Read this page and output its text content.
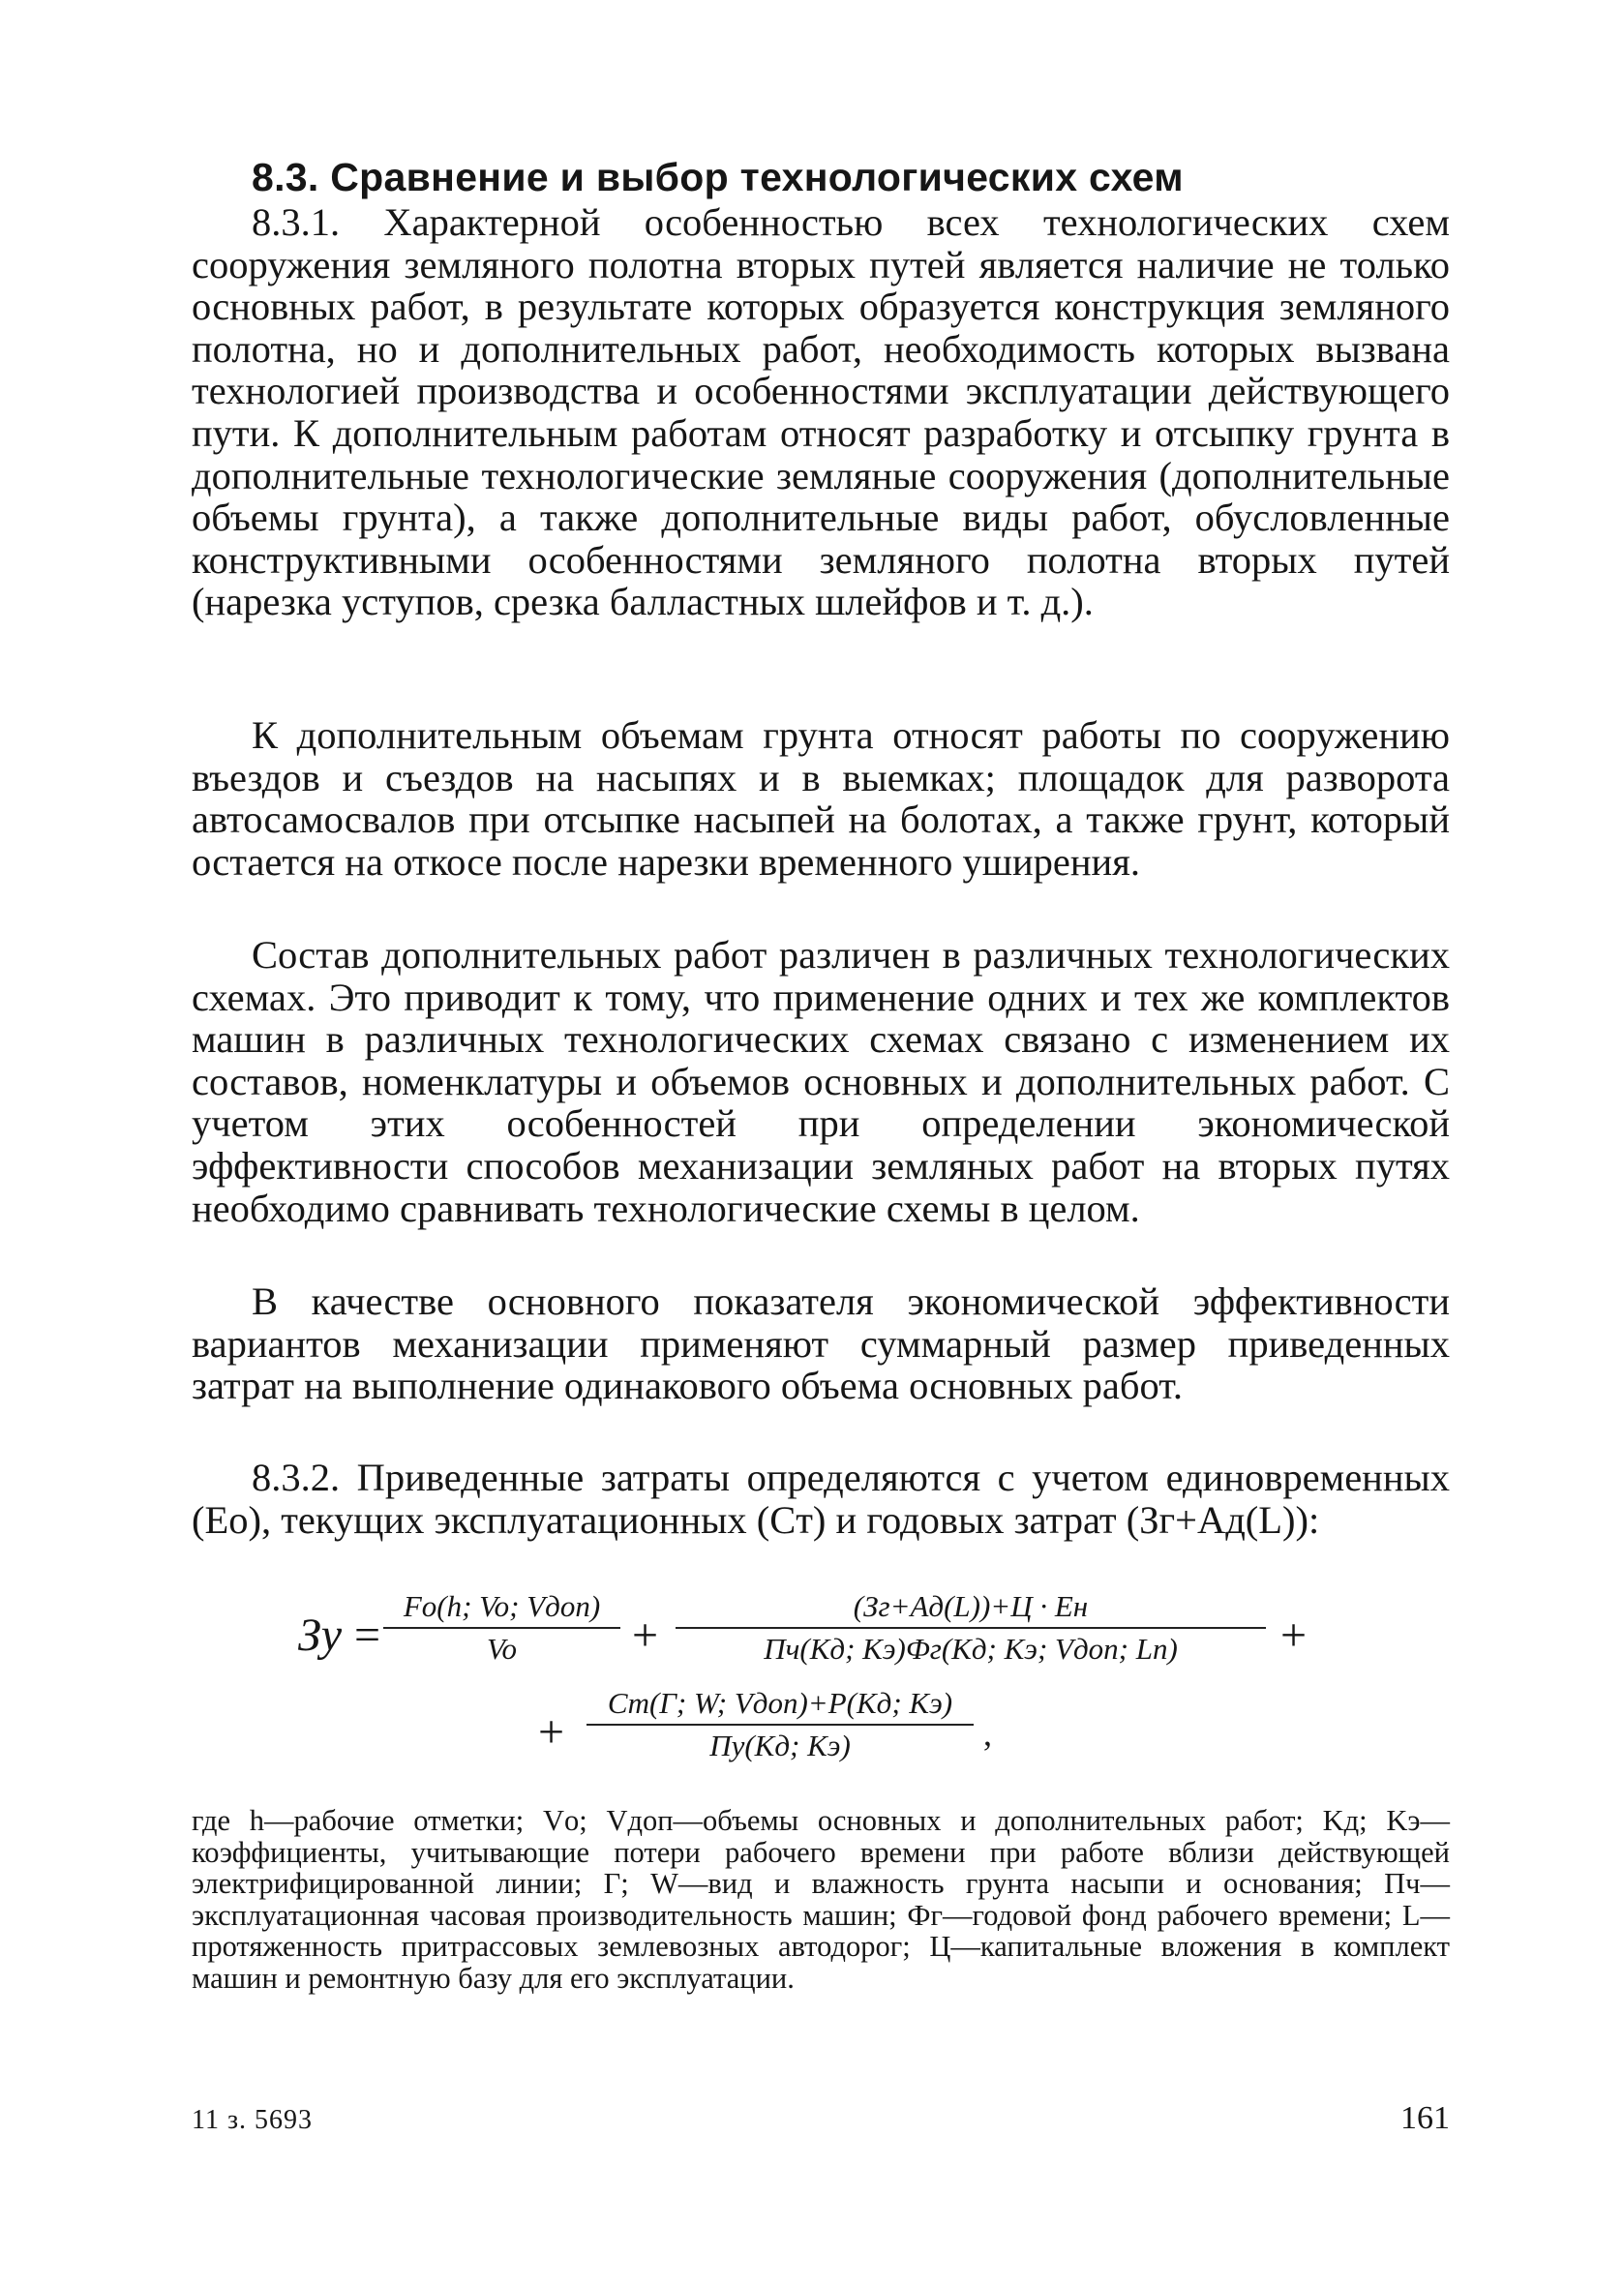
8.3. Сравнение и выбор технологических схем

8.3.1. Характерной особенностью всех технологических схем сооружения земляного полотна вторых путей является наличие не только основных работ, в результате которых образуется конструкция земляного полотна, но и дополнительных работ, необходимость которых вызвана технологией производства и особенностями эксплуатации действующего пути. К дополнительным работам относят разработку и отсыпку грунта в дополнительные технологические земляные сооружения (дополнительные объемы грунта), а также дополнительные виды работ, обусловленные конструктивными особенностями земляного полотна вторых путей (нарезка уступов, срезка балластных шлейфов и т. д.).

К дополнительным объемам грунта относят работы по сооружению въездов и съездов на насыпях и в выемках; площадок для разворота автосамосвалов при отсыпке насыпей на болотах, а также грунт, который остается на откосе после нарезки временного уширения.

Состав дополнительных работ различен в различных технологических схемах. Это приводит к тому, что применение одних и тех же комплектов машин в различных технологических схемах связано с изменением их составов, номенклатуры и объемов основных и дополнительных работ. С учетом этих особенностей при определении экономической эффективности способов механизации земляных работ на вторых путях необходимо сравнивать технологические схемы в целом.

В качестве основного показателя экономической эффективности вариантов механизации применяют суммарный размер приведенных затрат на выполнение одинакового объема основных работ.

8.3.2. Приведенные затраты определяются с учетом единовременных (Eо), текущих эксплуатационных (Cт) и годовых затрат (Зг+Aд(L)):

Зу =
Fo(h; Vo; Vдоп)
Vo	+
(Зг+Aд(L))+Ц · Eн
Пч(Kд; Kэ)Фг(Kд; Kэ; Vдоп; Lп)	+
+
Cт(Г; W; Vдоп)+P(Kд; Kэ)
Пу(Kд; Kэ)	,

где h—рабочие отметки; Vо; Vдоп—объемы основных и дополнительных работ; Kд; Kэ—коэффициенты, учитывающие потери рабочего времени при работе вблизи действующей электрифицированной линии; Г; W—вид и влажность грунта насыпи и основания; Пч—эксплуатационная часовая производительность машин; Фг—годовой фонд рабочего времени; L—протяженность притрассовых землевозных автодорог; Ц—капитальные вложения в комплект машин и ремонтную базу для его эксплуатации.

11 з. 5693	161
